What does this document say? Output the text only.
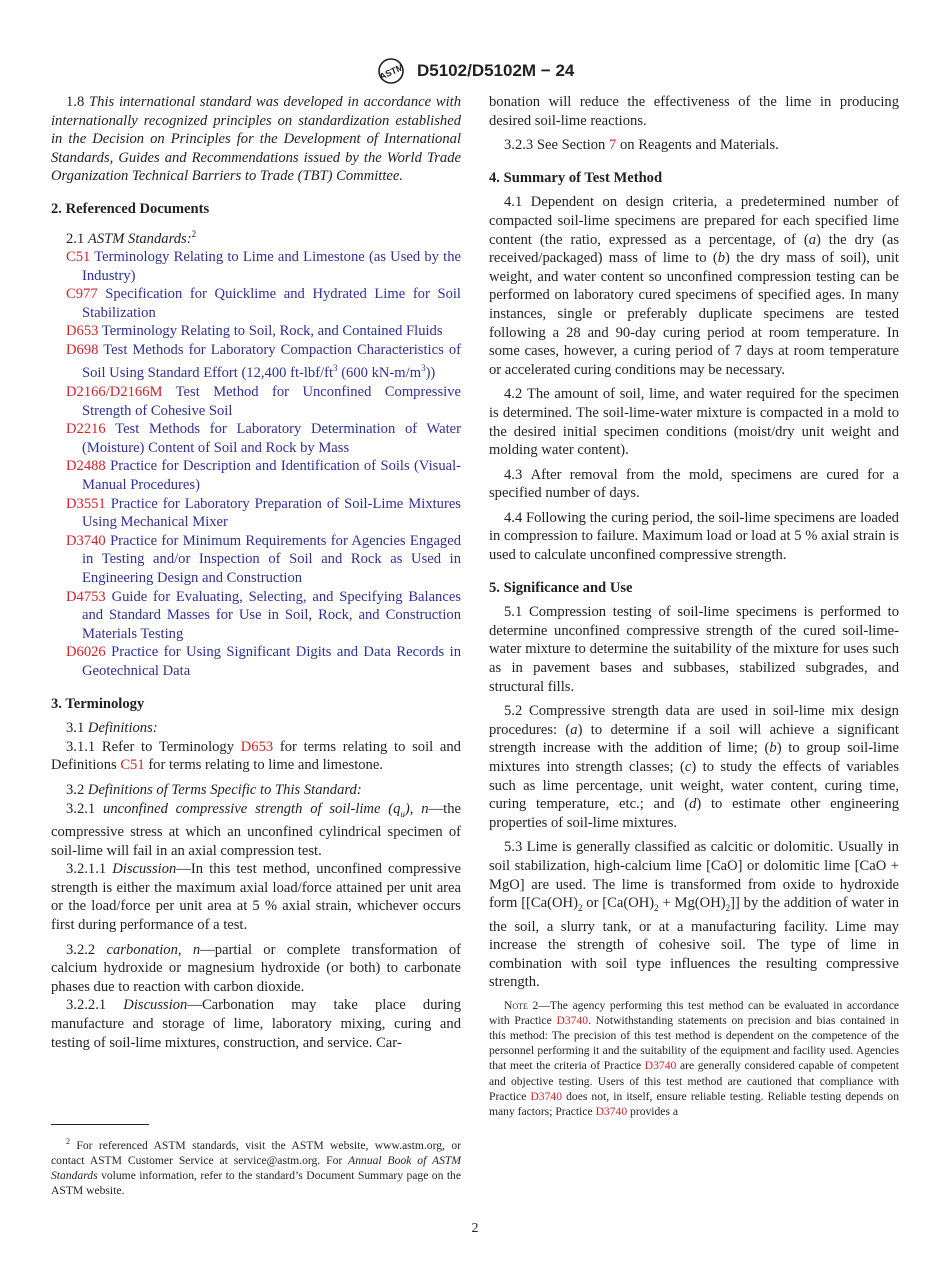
ASTM D5102/D5102M − 24

1.8 This international standard was developed in accordance with internationally recognized principles on standardization established in the Decision on Principles for the Development of International Standards, Guides and Recommendations issued by the World Trade Organization Technical Barriers to Trade (TBT) Committee.

2. Referenced Documents

2.1 ASTM Standards:$^2$

C51 Terminology Relating to Lime and Limestone (as Used by the Industry)

C977 Specification for Quicklime and Hydrated Lime for Soil Stabilization

D653 Terminology Relating to Soil, Rock, and Contained Fluids

D698 Test Methods for Laboratory Compaction Characteristics of Soil Using Standard Effort (12,400 $ft-lbf/ft^3$ (600 $kN-m/m^3$))

D2166/D2166M Test Method for Unconfined Compressive Strength of Cohesive Soil

D2216 Test Methods for Laboratory Determination of Water (Moisture) Content of Soil and Rock by Mass

D2488 Practice for Description and Identification of Soils (Visual-Manual Procedures)

D3551 Practice for Laboratory Preparation of Soil-Lime Mixtures Using Mechanical Mixer

D3740 Practice for Minimum Requirements for Agencies Engaged in Testing and/or Inspection of Soil and Rock as Used in Engineering Design and Construction

D4753 Guide for Evaluating, Selecting, and Specifying Balances and Standard Masses for Use in Soil, Rock, and Construction Materials Testing

D6026 Practice for Using Significant Digits and Data Records in Geotechnical Data

3. Terminology

3.1 Definitions:

3.1.1 Refer to Terminology D653 for terms relating to soil and Definitions C51 for terms relating to lime and limestone.

3.2 Definitions of Terms Specific to This Standard:

3.2.1 unconfined compressive strength of soil-lime $(q_u)$, n—the compressive stress at which an unconfined cylindrical specimen of soil-lime will fail in an axial compression test.

3.2.1.1 Discussion—In this test method, unconfined compressive strength is either the maximum axial load/force attained per unit area or the load/force per unit area at 5 % axial strain, whichever occurs first during performance of a test.

3.2.2 carbonation, n—partial or complete transformation of calcium hydroxide or magnesium hydroxide (or both) to carbonate phases due to reaction with carbon dioxide.

3.2.2.1 Discussion—Carbonation may take place during manufacture and storage of lime, laboratory mixing, curing and testing of soil-lime mixtures, construction, and service. Car-

$^2$ For referenced ASTM standards, visit the ASTM website, www.astm.org, or contact ASTM Customer Service at service@astm.org. For Annual Book of ASTM Standards volume information, refer to the standard’s Document Summary page on the ASTM website.

bonation will reduce the effectiveness of the lime in producing desired soil-lime reactions.

3.2.3 See Section 7 on Reagents and Materials.

4. Summary of Test Method

4.1 Dependent on design criteria, a predetermined number of compacted soil-lime specimens are prepared for each specified lime content (the ratio, expressed as a percentage, of (a) the dry (as received/packaged) mass of lime to (b) the dry mass of soil), unit weight, and water content so unconfined compression testing can be performed on laboratory cured specimens of specified ages. In many instances, single or preferably duplicate specimens are tested following a 28 and 90-day curing period at room temperature. In some cases, however, a curing period of 7 days at room temperature or accelerated curing conditions may be necessary.

4.2 The amount of soil, lime, and water required for the specimen is determined. The soil-lime-water mixture is compacted in a mold to the desired initial specimen conditions (moist/dry unit weight and molding water content).

4.3 After removal from the mold, specimens are cured for a specified number of days.

4.4 Following the curing period, the soil-lime specimens are loaded in compression to failure. Maximum load or load at 5 % axial strain is used to calculate unconfined compressive strength.

5. Significance and Use

5.1 Compression testing of soil-lime specimens is performed to determine unconfined compressive strength of the cured soil-lime-water mixture to determine the suitability of the mixture for uses such as in pavement bases and subbases, stabilized subgrades, and structural fills.

5.2 Compressive strength data are used in soil-lime mix design procedures: (a) to determine if a soil will achieve a significant strength increase with the addition of lime; (b) to group soil-lime mixtures into strength classes; (c) to study the effects of variables such as lime percentage, unit weight, water content, curing time, curing temperature, etc.; and (d) to estimate other engineering properties of soil-lime mixtures.

5.3 Lime is generally classified as calcitic or dolomitic. Usually in soil stabilization, high-calcium lime [CaO] or dolomitic lime [CaO + MgO] are used. The lime is transformed from oxide to hydroxide form [[$Ca(OH)_2$ or $[Ca(OH)_2 + Mg(OH)_2]$] by the addition of water in the soil, a slurry tank, or at a manufacturing facility. Lime may increase the strength of cohesive soil. The type of lime in combination with soil type influences the resulting compressive strength.

Note 2—The agency performing this test method can be evaluated in accordance with Practice D3740. Notwithstanding statements on precision and bias contained in this method: The precision of this test method is dependent on the competence of the personnel performing it and the suitability of the equipment and facility used. Agencies that meet the criteria of Practice D3740 are generally considered capable of competent and objective testing. Users of this test method are cautioned that compliance with Practice D3740 does not, in itself, ensure reliable testing. Reliable testing depends on many factors; Practice D3740 provides a

2
